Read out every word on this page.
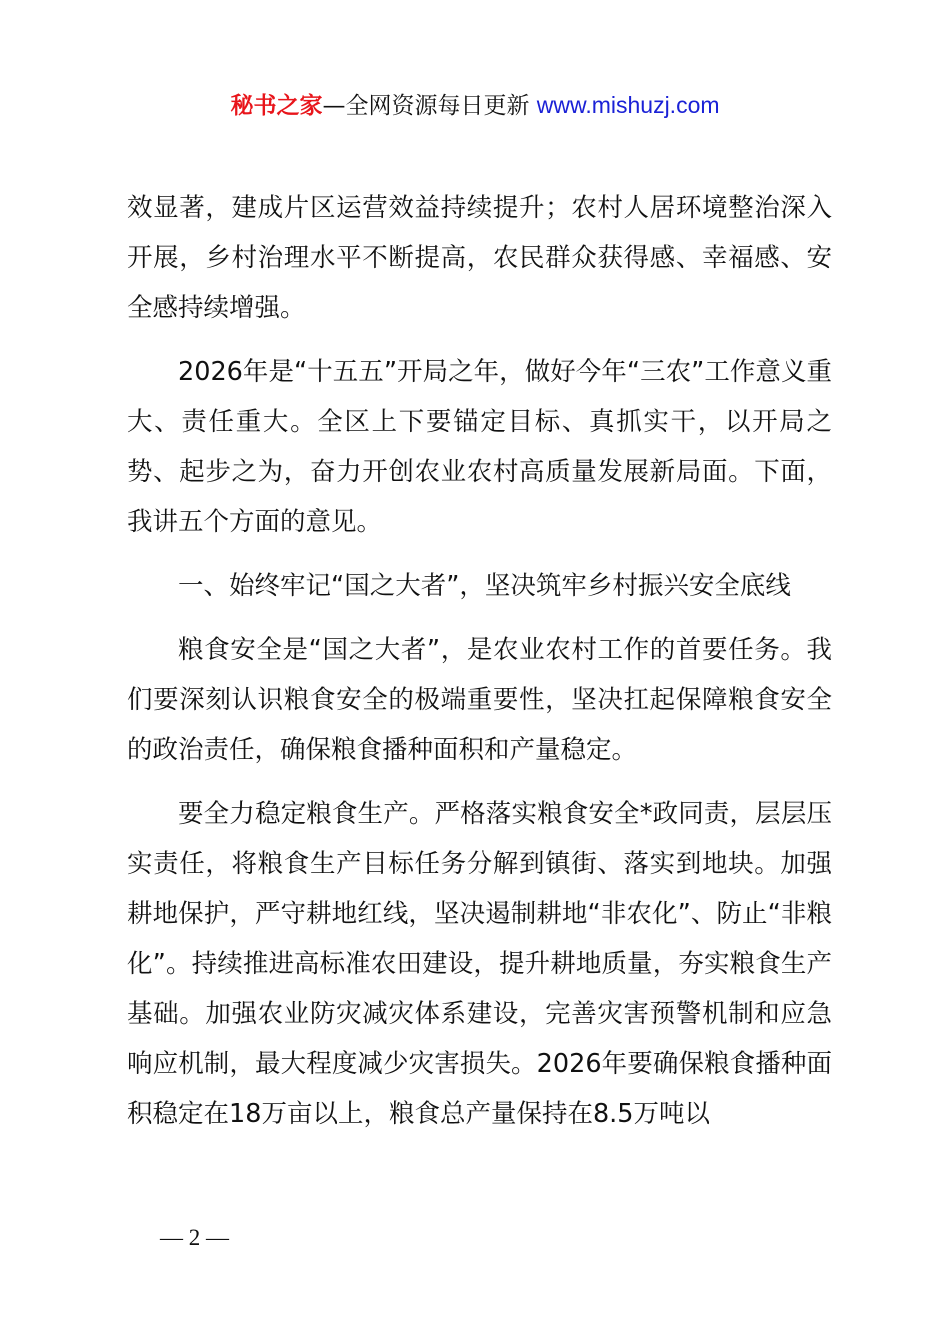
秘书之家—全网资源每日更新 www.mishuzj.com

效显著，建成片区运营效益持续提升；农村人居环境整治深入开展，乡村治理水平不断提高，农民群众获得感、幸福感、安全感持续增强。

2026年是“十五五”开局之年，做好今年“三农”工作意义重大、责任重大。全区上下要锚定目标、真抓实干，以开局之势、起步之为，奋力开创农业农村高质量发展新局面。下面，我讲五个方面的意见。

一、始终牢记“国之大者”，坚决筑牢乡村振兴安全底线

粮食安全是“国之大者”，是农业农村工作的首要任务。我们要深刻认识粮食安全的极端重要性，坚决扛起保障粮食安全的政治责任，确保粮食播种面积和产量稳定。

要全力稳定粮食生产。严格落实粮食安全*政同责，层层压实责任，将粮食生产目标任务分解到镇街、落实到地块。加强耕地保护，严守耕地红线，坚决遏制耕地“非农化”、防止“非粮化”。持续推进高标准农田建设，提升耕地质量，夯实粮食生产基础。加强农业防灾减灾体系建设，完善灾害预警机制和应急响应机制，最大程度减少灾害损失。2026年要确保粮食播种面积稳定在18万亩以上，粮食总产量保持在8.5万吨以

— 2 —
